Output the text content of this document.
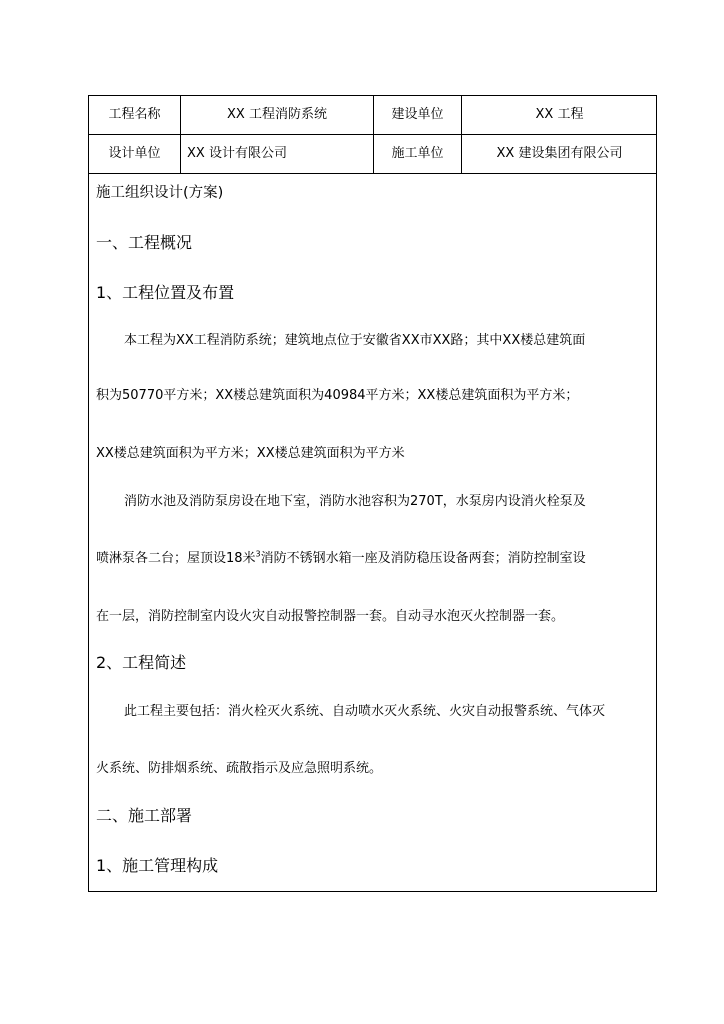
工程名称	XX 工程消防系统	建设单位	XX 工程
设计单位	XX 设计有限公司	施工单位	XX 建设集团有限公司
施工组织设计(方案)
一、工程概况
1、工程位置及布置
本工程为XX工程消防系统；建筑地点位于安徽省XX市XX路；其中XX楼总建筑面
积为50770平方米；XX楼总建筑面积为40984平方米；XX楼总建筑面积为平方米；
XX楼总建筑面积为平方米；XX楼总建筑面积为平方米
消防水池及消防泵房设在地下室，消防水池容积为270T，水泵房内设消火栓泵及
喷淋泵各二台；屋顶设18米$^3$消防不锈钢水箱一座及消防稳压设备两套；消防控制室设
在一层，消防控制室内设火灾自动报警控制器一套。自动寻水泡灭火控制器一套。
2、工程简述
此工程主要包括：消火栓灭火系统、自动喷水灭火系统、火灾自动报警系统、气体灭
火系统、防排烟系统、疏散指示及应急照明系统。
二、施工部署
1、施工管理构成
